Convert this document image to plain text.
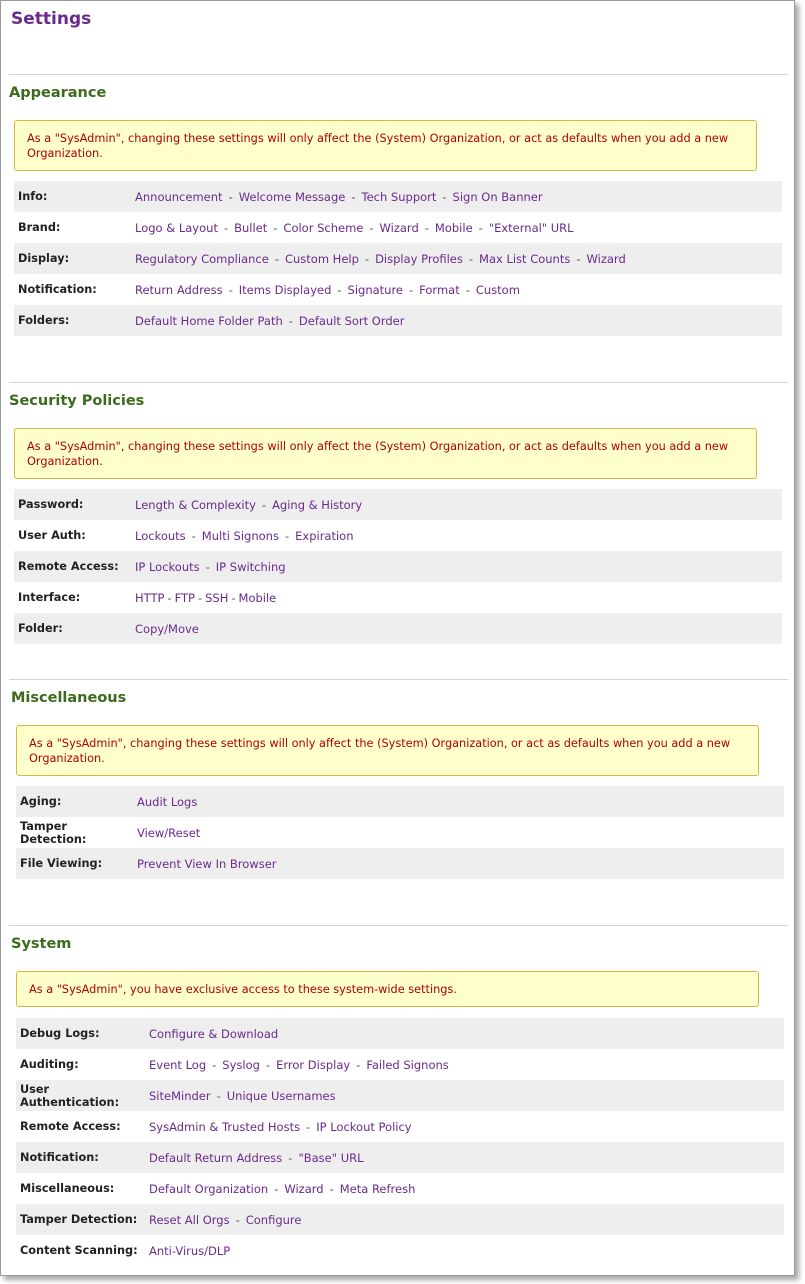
Settings
Appearance
As a "SysAdmin", changing these settings will only affect the (System) Organization, or act as defaults when you add a new Organization.
Info:	Announcement - Welcome Message - Tech Support - Sign On Banner
Brand:	Logo & Layout - Bullet - Color Scheme - Wizard - Mobile - "External" URL
Display:	Regulatory Compliance - Custom Help - Display Profiles - Max List Counts - Wizard
Notification:	Return Address - Items Displayed - Signature - Format - Custom
Folders:	Default Home Folder Path - Default Sort Order
Security Policies
As a "SysAdmin", changing these settings will only affect the (System) Organization, or act as defaults when you add a new Organization.
Password:	Length & Complexity - Aging & History
User Auth:	Lockouts - Multi Signons - Expiration
Remote Access:	IP Lockouts - IP Switching
Interface:	HTTP - FTP - SSH - Mobile
Folder:	Copy/Move
Miscellaneous
As a "SysAdmin", changing these settings will only affect the (System) Organization, or act as defaults when you add a new Organization.
Aging:	Audit Logs
Tamper Detection:	View/Reset
File Viewing:	Prevent View In Browser
System
As a "SysAdmin", you have exclusive access to these system-wide settings.
Debug Logs:	Configure & Download
Auditing:	Event Log - Syslog - Error Display - Failed Signons
User Authentication:	SiteMinder - Unique Usernames
Remote Access:	SysAdmin & Trusted Hosts - IP Lockout Policy
Notification:	Default Return Address - "Base" URL
Miscellaneous:	Default Organization - Wizard - Meta Refresh
Tamper Detection:	Reset All Orgs - Configure
Content Scanning: Anti-Virus/DLP
